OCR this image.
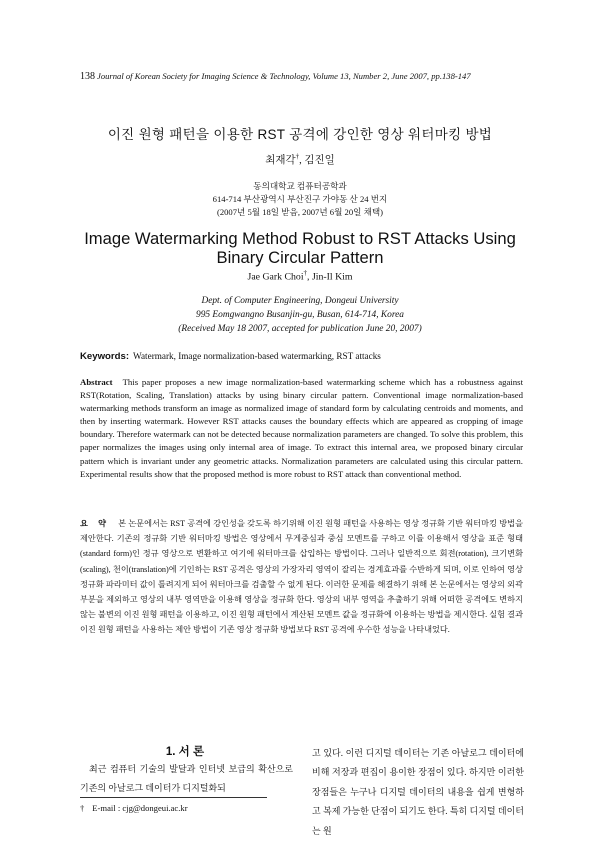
138 Journal of Korean Society for Imaging Science & Technology, Volume 13, Number 2, June 2007, pp.138-147
이진 원형 패턴을 이용한 RST 공격에 강인한 영상 워터마킹 방법
최재각†, 김진일
동의대학교 컴퓨터공학과
614-714 부산광역시 부산진구 가야동 산 24 번지
(2007년 5월 18일 받음, 2007년 6월 20일 채택)
Image Watermarking Method Robust to RST Attacks Using
Binary Circular Pattern
Jae Gark Choi†, Jin-Il Kim
Dept. of Computer Engineering, Dongeui University
995 Eomgwangno Busanjin-gu, Busan, 614-714, Korea
(Received May 18 2007, accepted for publication June 20, 2007)
Keywords: Watermark, Image normalization-based watermarking, RST attacks
Abstract This paper proposes a new image normalization-based watermarking scheme which has a robustness against RST(Rotation, Scaling, Translation) attacks by using binary circular pattern. Conventional image normalization-based watermarking methods transform an image as normalized image of standard form by calculating centroids and moments, and then by inserting watermark. However RST attacks causes the boundary effects which are appeared as cropping of image boundary. Therefore watermark can not be detected because normalization parameters are changed. To solve this problem, this paper normalizes the images using only internal area of image. To extract this internal area, we proposed binary circular pattern which is invariant under any geometric attacks. Normalization parameters are calculated using this circular pattern. Experimental results show that the proposed method is more robust to RST attack than conventional method.
요 약 본 논문에서는 RST 공격에 강인성을 갖도록 하기위해 이진 원형 패턴을 사용하는 영상 정규화 기반 워터마킹 방법을 제안한다. 기존의 정규화 기반 워터마킹 방법은 영상에서 무게중심과 중심 모멘트를 구하고 이를 이용해서 영상을 표준 형태(standard form)인 정규 영상으로 변환하고 여기에 워터마크를 삽입하는 방법이다. 그러나 일반적으로 회전(rotation), 크기변화(scaling), 천이(translation)에 기인하는 RST 공격은 영상의 가장자리 영역이 잘리는 경계효과를 수반하게 되며, 이로 인하여 영상 정규화 파라미터 값이 틀려지게 되어 워터마크를 검출할 수 없게 된다. 이러한 문제를 해결하기 위해 본 논문에서는 영상의 외곽 부분을 제외하고 영상의 내부 영역만을 이용해 영상을 정규화 한다. 영상의 내부 영역을 추출하기 위해 어떠한 공격에도 변하지 않는 불변의 이진 원형 패턴을 이용하고, 이진 원형 패턴에서 계산된 모멘트 값을 정규화에 이용하는 방법을 제시한다. 실험 결과 이진 원형 패턴을 사용하는 제안 방법이 기존 영상 정규화 방법보다 RST 공격에 우수한 성능을 나타내었다.
1. 서 론
최근 컴퓨터 기술의 발달과 인터넷 보급의 확산으로 기존의 아날로그 데이터가 디지털화되
고 있다. 이런 디지털 데이터는 기존 아날로그 데이터에 비해 저장과 편집이 용이한 장점이 있다. 하지만 이러한 장점들은 누구나 디지털 데이터의 내용을 쉽게 변형하고 복제 가능한 단점이 되기도 한다. 특히 디지털 데이터는 원
† E-mail : cjg@dongeui.ac.kr
